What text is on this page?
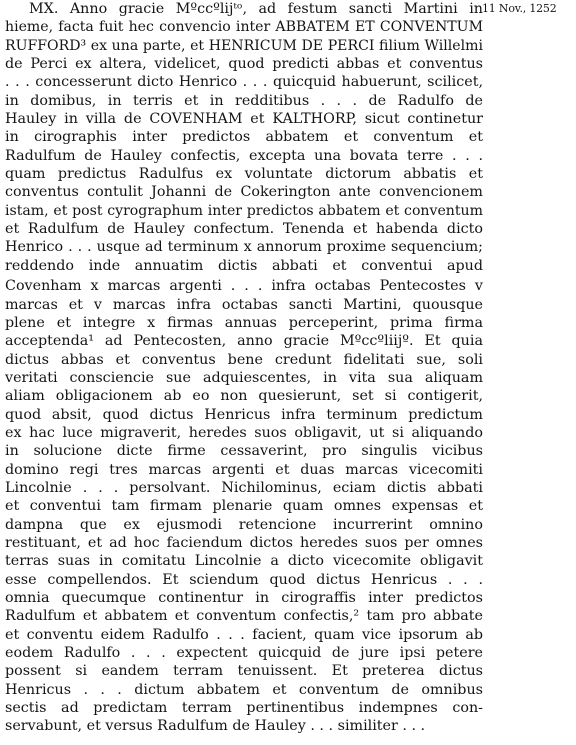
11 Nov., 1252
MX. Anno gracie Mºccºlijᵗᵒ, ad festum sancti Martini in
hieme, facta fuit hec convencio inter ABBATEM ET CONVENTUM
RUFFORD³ ex una parte, et HENRICUM DE PERCI filium Willelmi
de Perci ex altera, videlicet, quod predicti abbas et conventus
. . . concesserunt dicto Henrico . . . quicquid habuerunt, scilicet,
in domibus, in terris et in redditibus . . . de Radulfo de
Hauley in villa de COVENHAM et KALTHORP, sicut continetur
in cirographis inter predictos abbatem et conventum et
Radulfum de Hauley confectis, excepta una bovata terre . . .
quam predictus Radulfus ex voluntate dictorum abbatis et
conventus contulit Johanni de Cokerington ante convencionem
istam, et post cyrographum inter predictos abbatem et conventum
et Radulfum de Hauley confectum. Tenenda et habenda dicto
Henrico . . . usque ad terminum x annorum proxime sequencium;
reddendo inde annuatim dictis abbati et conventui apud
Covenham x marcas argenti . . . infra octabas Pentecostes v
marcas et v marcas infra octabas sancti Martini, quousque
plene et integre x firmas annuas perceperint, prima firma
acceptenda¹ ad Pentecosten, anno gracie Mºccºliijº. Et quia
dictus abbas et conventus bene credunt fidelitati sue, soli
veritati consciencie sue adquiescentes, in vita sua aliquam
aliam obligacionem ab eo non quesierunt, set si contigerit,
quod absit, quod dictus Henricus infra terminum predictum
ex hac luce migraverit, heredes suos obligavit, ut si aliquando
in solucione dicte firme cessaverint, pro singulis vicibus
domino regi tres marcas argenti et duas marcas vicecomiti
Lincolnie . . . persolvant. Nichilominus, eciam dictis abbati
et conventui tam firmam plenarie quam omnes expensas et
dampna que ex ejusmodi retencione incurrerint omnino
restituant, et ad hoc faciendum dictos heredes suos per omnes
terras suas in comitatu Lincolnie a dicto vicecomite obligavit
esse compellendos. Et sciendum quod dictus Henricus . . .
omnia quecumque continentur in cirograffis inter predictos
Radulfum et abbatem et conventum confectis,² tam pro abbate
et conventu eidem Radulfo . . . facient, quam vice ipsorum ab
eodem Radulfo . . . expectent quicquid de jure ipsi petere
possent si eandem terram tenuissent. Et preterea dictus
Henricus . . . dictum abbatem et conventum de omnibus
sectis ad predictam terram pertinentibus indempnes con-
servabunt, et versus Radulfum de Hauley . . . similiter . . .
